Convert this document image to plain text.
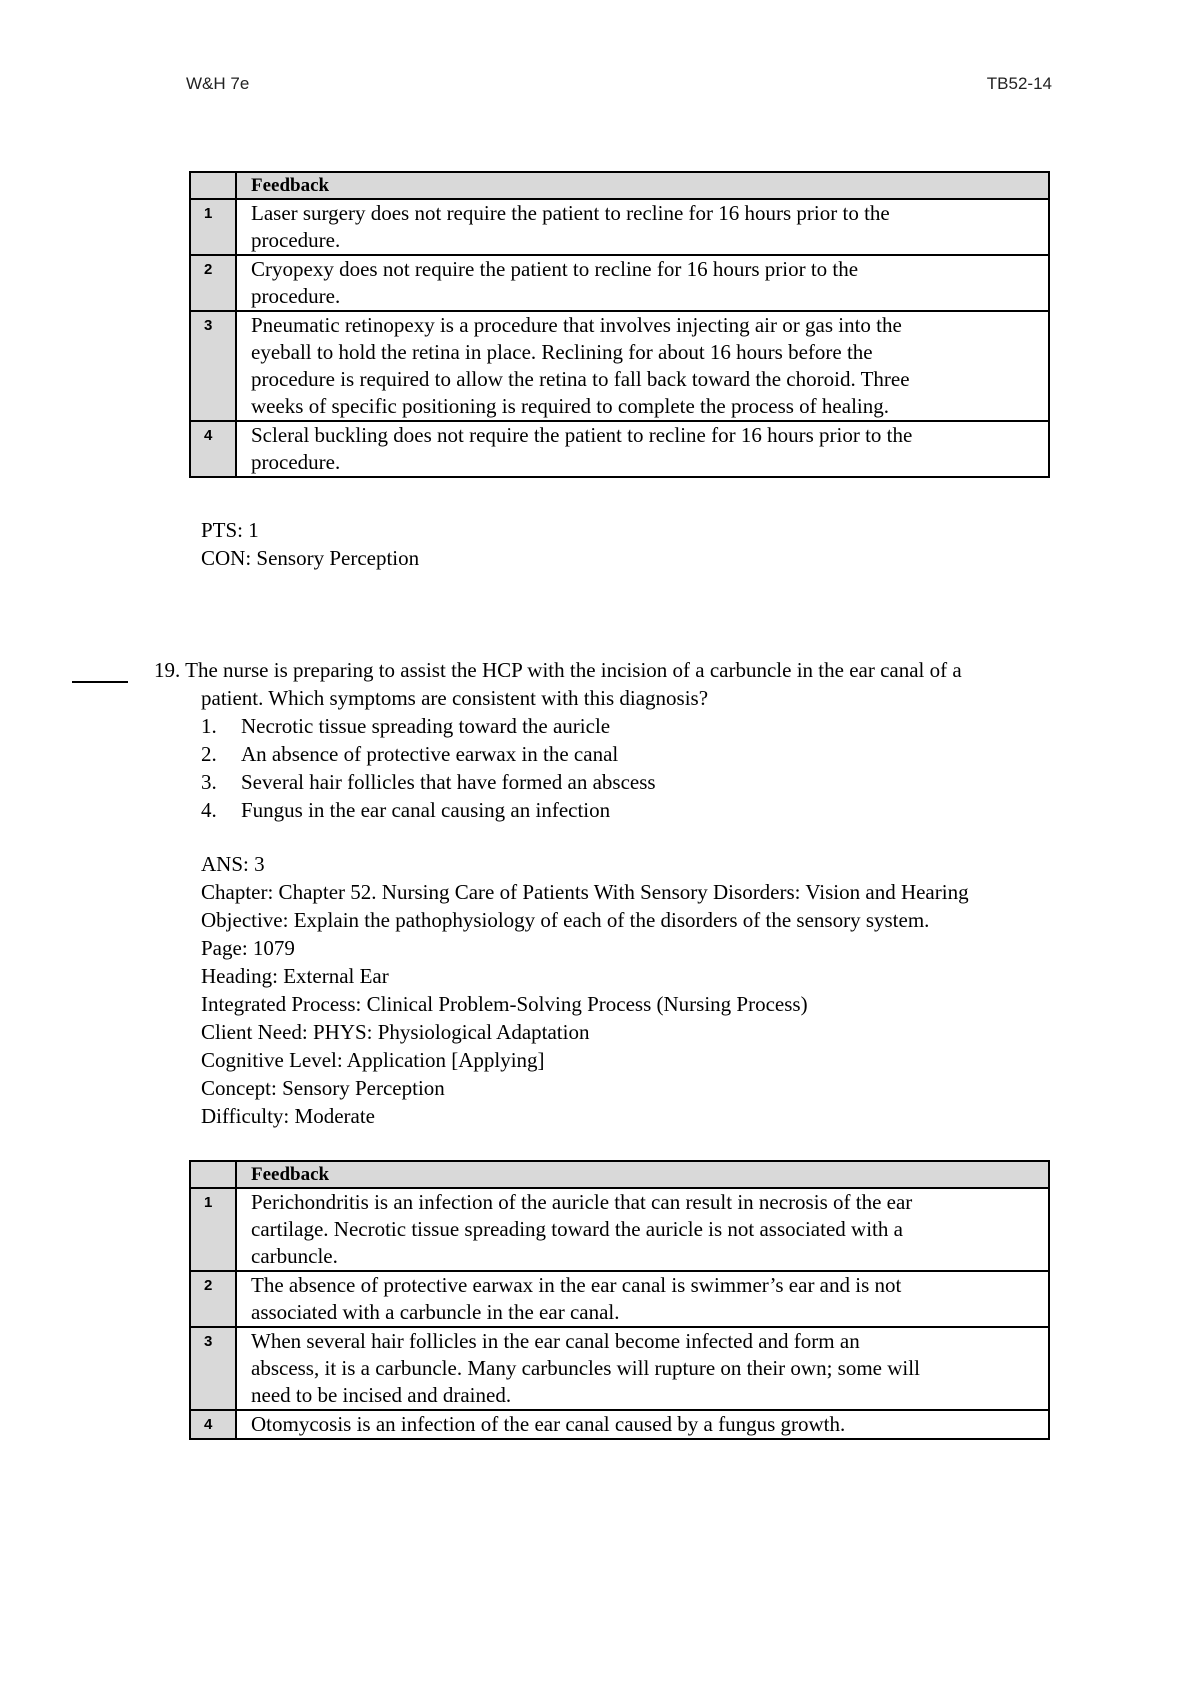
W&H 7e	TB52-14
	Feedback
1	Laser surgery does not require the patient to recline for 16 hours prior to the
procedure.

2	Cryopexy does not require the patient to recline for 16 hours prior to the
procedure.

3	Pneumatic retinopexy is a procedure that involves injecting air or gas into the
eyeball to hold the retina in place. Reclining for about 16 hours before the
procedure is required to allow the retina to fall back toward the choroid. Three
weeks of specific positioning is required to complete the process of healing.

4	Scleral buckling does not require the patient to recline for 16 hours prior to the
procedure.
PTS: 1
CON: Sensory Perception
19. The nurse is preparing to assist the HCP with the incision of a carbuncle in the ear canal of a
patient. Which symptoms are consistent with this diagnosis?
1. Necrotic tissue spreading toward the auricle
2. An absence of protective earwax in the canal
3. Several hair follicles that have formed an abscess
4. Fungus in the ear canal causing an infection
ANS: 3
Chapter: Chapter 52. Nursing Care of Patients With Sensory Disorders: Vision and Hearing
Objective: Explain the pathophysiology of each of the disorders of the sensory system.
Page: 1079
Heading: External Ear
Integrated Process: Clinical Problem-Solving Process (Nursing Process)
Client Need: PHYS: Physiological Adaptation
Cognitive Level: Application [Applying]
Concept: Sensory Perception
Difficulty: Moderate
	Feedback
1	Perichondritis is an infection of the auricle that can result in necrosis of the ear
cartilage. Necrotic tissue spreading toward the auricle is not associated with a
carbuncle.

2	The absence of protective earwax in the ear canal is swimmer’s ear and is not
associated with a carbuncle in the ear canal.

3	When several hair follicles in the ear canal become infected and form an
abscess, it is a carbuncle. Many carbuncles will rupture on their own; some will
need to be incised and drained.

4	Otomycosis is an infection of the ear canal caused by a fungus growth.
